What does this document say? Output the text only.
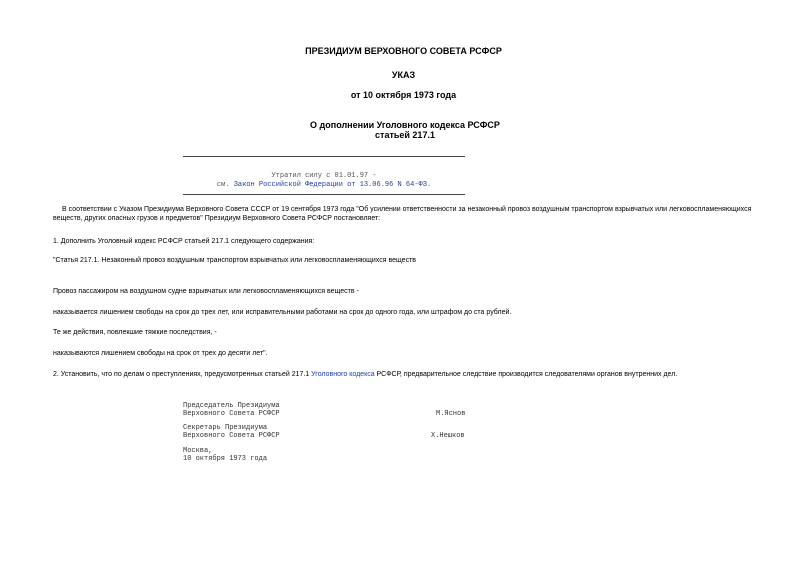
ПРЕЗИДИУМ ВЕРХОВНОГО СОВЕТА РСФСР
УКАЗ
от 10 октября 1973 года
О дополнении Уголовного кодекса РСФСР
статьей 217.1
Утратил силу с 01.01.97 -
см. Закон Российской Федерации от 13.06.96 N 64-ФЗ.
В соответствии с Указом Президиума Верховного Совета СССР от 19 сентября 1973 года "Об усилении ответственности за незаконный провоз воздушным транспортом взрывчатых или легковоспламеняющихся
веществ, других опасных грузов и предметов" Президиум Верховного Совета РСФСР постановляет:
1. Дополнить Уголовный кодекс РСФСР статьей 217.1 следующего содержания:
"Статья 217.1. Незаконный провоз воздушным транспортом взрывчатых или легковоспламеняющихся веществ
Провоз пассажиром на воздушном судне взрывчатых или легковоспламеняющихся веществ -
наказывается лишением свободы на срок до трех лет, или исправительными работами на срок до одного года, или штрафом до ста рублей.
Те же действия, повлекшие тяжкие последствия, -
наказываются лишением свободы на срок от трех до десяти лет".
2. Установить, что по делам о преступлениях, предусмотренных статьей 217.1 Уголовного кодекса РСФСР, предварительное следствие производится следователями органов внутренних дел.
Председатель Президиума
Верховного Совета РСФСР	М.Яснов
Секретарь Президиума
Верховного Совета РСФСР	Х.Нешков
Москва,
10 октября 1973 года
